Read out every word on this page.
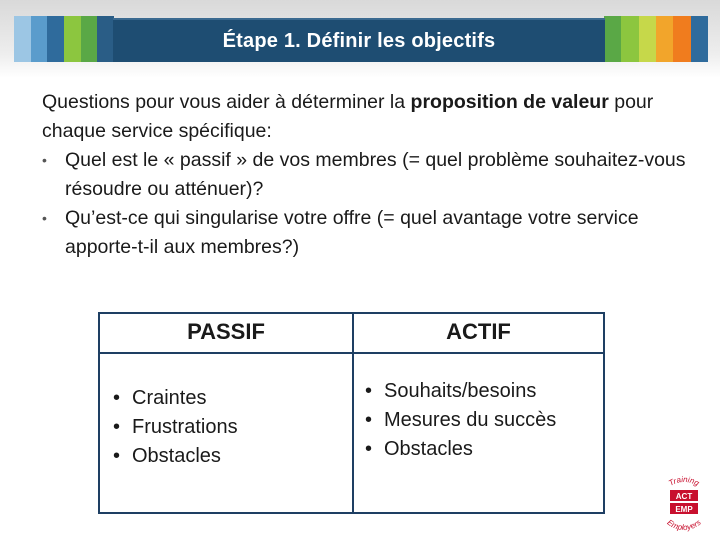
Étape 1. Définir les objectifs

Questions pour vous aider à déterminer la proposition de valeur pour chaque service spécifique:

• Quel est le « passif » de vos membres (= quel problème souhaitez-vous résoudre ou atténuer)?

• Qu’est-ce qui singularise votre offre (= quel avantage votre service apporte-t-il aux membres?)

PASSIF	ACTIF
• Craintes
• Frustrations
• Obstacles
• Souhaits/besoins
• Mesures du succès
• Obstacles
Training
Employers
ACT
EMP
